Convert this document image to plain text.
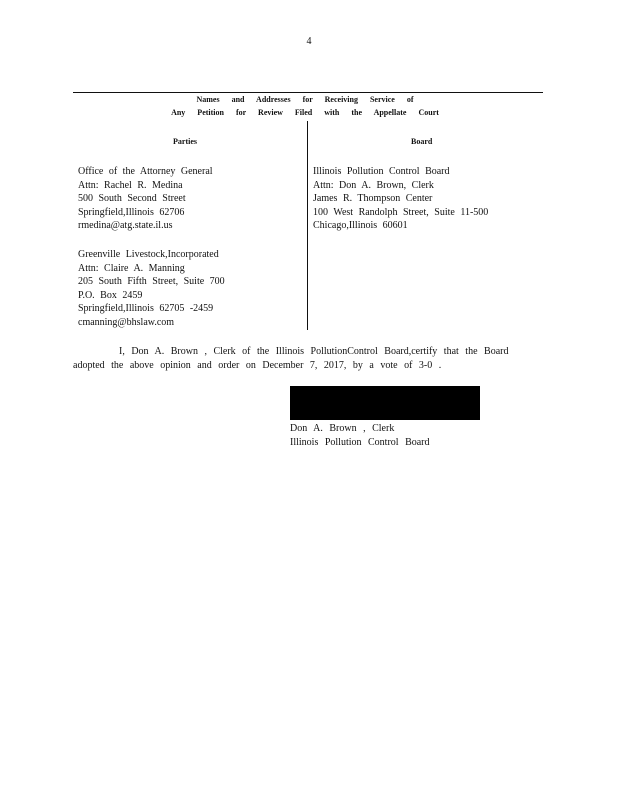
4
Names and Addresses for Receiving Service of
Any Petition for Review Filed with the Appellate Court
Parties	Board
Office of the Attorney General
Attn: Rachel R. Medina
500 South Second Street
Springfield,Illinois 62706
rmedina@atg.state.il.us
Greenville Livestock,Incorporated
Attn: Claire A. Manning
205 South Fifth Street, Suite 700
P.O. Box 2459
Springfield,Illinois 62705 -2459
cmanning@bhslaw.com
Illinois Pollution Control Board
Attn: Don A. Brown, Clerk
James R. Thompson Center
100 West Randolph Street, Suite 11-500
Chicago,Illinois 60601
I, Don A. Brown , Clerk of the Illinois PollutionControl Board,certify that the Board
adopted the above opinion and order on December 7, 2017, by a vote of 3-0 .
Don A. Brown , Clerk
Illinois Pollution Control Board
